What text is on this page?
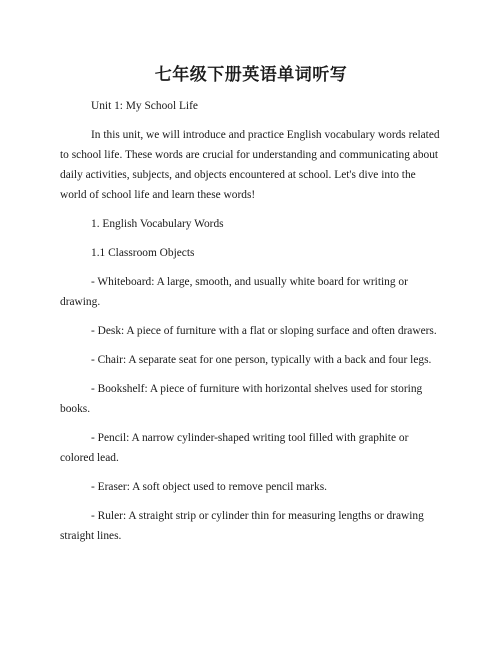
七年级下册英语单词听写

Unit 1: My School Life

In this unit, we will introduce and practice English vocabulary words related to school life. These words are crucial for understanding and communicating about daily activities, subjects, and objects encountered at school. Let's dive into the world of school life and learn these words!

1. English Vocabulary Words

1.1 Classroom Objects

- Whiteboard: A large, smooth, and usually white board for writing or drawing.

- Desk: A piece of furniture with a flat or sloping surface and often drawers.

- Chair: A separate seat for one person, typically with a back and four legs.

- Bookshelf: A piece of furniture with horizontal shelves used for storing books.

- Pencil: A narrow cylinder-shaped writing tool filled with graphite or colored lead.

- Eraser: A soft object used to remove pencil marks.

- Ruler: A straight strip or cylinder thin for measuring lengths or drawing straight lines.
